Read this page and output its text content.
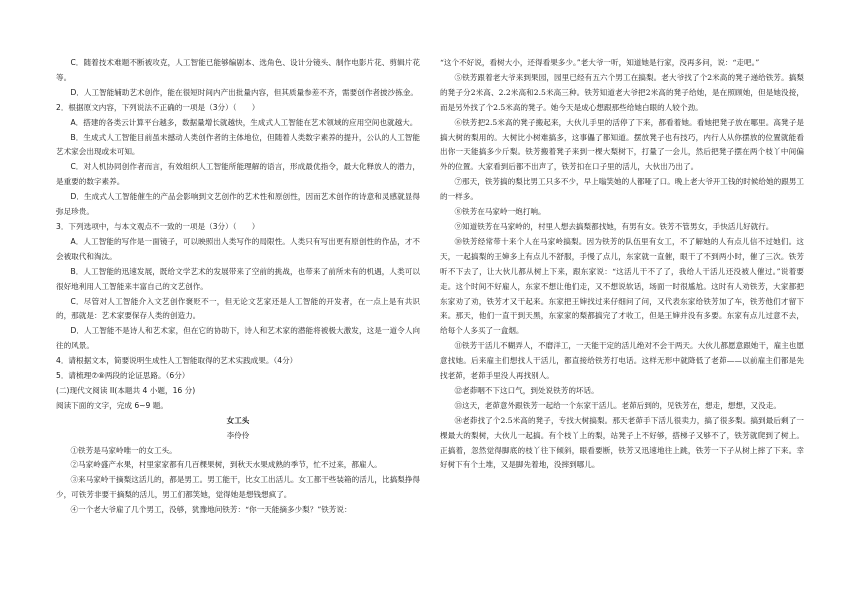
C．随着技术难题不断被攻克，人工智能已能够编剧本、选角色、设计分镜头、制作电影片花、剪辑片花等。

D．人工智能辅助艺术创作，能在很短时间内产出批量内容，但其质量参差不齐，需要创作者披沙拣金。

2．根据原文内容，下列说法不正确的一项是（3分）（　　）

A．搭建的各类云计算平台越多，数据量增长就越快，生成式人工智能在艺术领域的应用空间也就越大。

B．生成式人工智能目前虽未撼动人类创作者的主体地位，但随着人类数字素养的提升，公认的人工智能艺术家会出现或未可知。

C．对人机协同创作者而言，有效组织人工智能所能理解的语言，形成最优指令，最大化释放人的潜力，是重要的数字素养。

D．生成式人工智能催生的产品会影响到文艺创作的艺术性和原创性，因而艺术创作的诗意和灵感就显得弥足珍贵。

3．下列选项中，与本文观点不一致的一项是（3分）（　　）

A．人工智能的写作是一面镜子，可以映照出人类写作的局限性。人类只有写出更有原创性的作品，才不会被取代和淘汰。

B．人工智能的迅速发展，既给文学艺术的发展带来了空前的挑战，也带来了前所未有的机遇，人类可以很好地利用人工智能来丰富自己的文艺创作。

C．尽管对人工智能介入文艺创作褒贬不一，但无论文艺家还是人工智能的开发者，在一点上是有共识的，那就是：艺术家要保存人类的创造力。

D．人工智能不是诗人和艺术家，但在它的协助下，诗人和艺术家的潜能将被极大激发，这是一道令人向往的风景。

4．请根据文本，简要说明生成性人工智能取得的艺术实践成果。（4分）

5．请梳理⑦⑧两段的论证思路。（6分）

(二)现代文阅读 II(本题共 4 小题，16 分)

阅读下面的文字，完成 6~9 题。

女工头

李伶伶

①铁芳是马家岭唯一的女工头。

②马家岭盛产水果，村里家家都有几百棵果树，到秋天水果成熟的季节，忙不过来，都雇人。

③来马家岭干摘梨这活儿的，都是男工。男工能干，比女工出活儿。女工都干些装箱的活儿，比搞梨挣得少，可铁芳非要干摘梨的活儿，男工们都笑她，觉得她是想钱想疯了。

④一个老大爷雇了几个男工，没够，犹豫地问铁芳：“你一天能摘多少梨？”铁芳说：

“这个不好说，看树大小，还得看果多少。”老大爷一听，知道她是行家，没再多问，说：“走吧。”

⑤铁芳跟着老大爷来到果园，园里已经有五六个男工在搞梨。老大爷找了个2米高的凳子递给铁芳。搞梨的凳子分2米高、2.2米高和2.5米高三种。铁芳知道老大爷把2米高的凳子给她，是在照顾她，但是她没接，而是另外找了个2.5米高的凳子。她今天是成心想跟那些给她白眼的人较个劲。

⑥铁芳把2.5米高的凳子搬起来，大伙儿手里的活停了下来，都看着她。看她把凳子放在哪里。高凳子是搞大树的梨用的。大树比小树难搞多，这事儡了都知道。摆放凳子也有技巧，内行人从你摆放的位置就能看出你一天能搞多少斤梨。铁芳搬着凳子来到一棵大梨树下，打量了一会儿，然后把凳子摆在两个枝丫中间偏外的位置。大家看到后都不出声了，铁芳扣在口子里的活儿，大伙出乃出了。

⑦那天，铁芳搞的梨比男工只多不少，早上嗡笑她的人都哑了口。晚上老大爷开工钱的时候给她的跟男工的一样多。

⑧铁芳在马家岭一炮打响。

⑨知道铁芳在马家岭的，村里人想去搞梨都找她，有男有女。铁芳不管男女，手快活儿好就行。

⑩铁芳经常带十来个人在马家岭搞梨。因为铁芳的队伍里有女工，不了解她的人有点儿信不过她们。这天，一起搞梨的王婶多上有点儿不舒服，手慢了点儿，东家就一直催，眼干了不到两小时，催了三次。铁芳听不下去了，让大伙儿都从树上下来，跟东家说：“这活儿干不了了，我给人干活儿还没被人催过。”说着要走。这个时间不好雇人，东家不想让他们走，又不想说软话，场面一时很尴尬。这时有人劝铁芳，大家都把东家劝了劝，铁芳才又干起来。东家把王婶找过来仔细问了问，又代表东家给铁芳加了车，铁芳他们才留下来。那天，他们一直干到天黑，东家家的梨都搞完了才收工，但是王婶并没有多要。东家有点儿过意不去，给每个人多买了一盒烟。

⑪铁芳干活儿不糊弄人，不磨洋工，一天能干定的活儿绝对不会干两天。大伙儿都愿意跟她干，雇主也愿意找她。后来雇主们想找人干活儿，都直接给铁芳打电话。这样无形中就降低了老茆——以前雇主们都是先找老茆，老茆手里没人再找别人。

⑫老茆咽不下这口气，到处说铁芳的坏话。

⑬这天，老茆意外跟铁芳一起给一个东家干活儿。老茆后到的，见铁芳在，想走，想想，又没走。

⑭老茆找了个2.5米高的凳子，专找大树搞梨。那天老茆手下活儿很卖力，搞了很多梨。搞到最后剩了一棵最大的梨树，大伙儿一起搞。有个枝丫上的梨，站凳子上不好够，搭梯子又够不了，铁芳就爬到了树上。正搞着，忽然觉得脚底的枝丫往下倾斜，眼看要断，铁芳又迅速地往上跳，铁芳一下子从树上摔了下来。幸好树下有个土堆，又是脚先着地，没摔到哪儿。
